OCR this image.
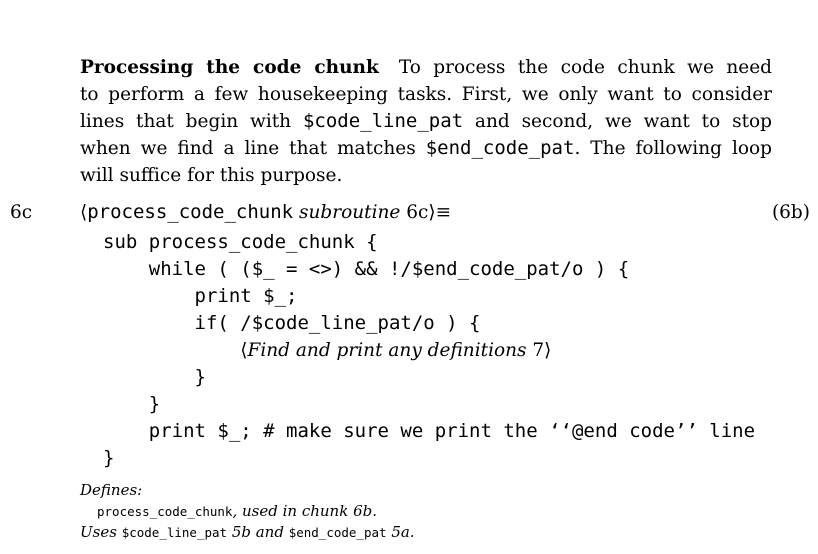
Processing the code chunk To process the code chunk we need
to perform a few housekeeping tasks. First, we only want to consider
lines that begin with $code_line_pat and second, we want to stop
when we find a line that matches $end_code_pat. The following loop
will suffice for this purpose.
6c	⟨process_code_chunk subroutine 6c⟩≡	(6b)
sub process_code_chunk {
while ( ($_ = <>) && !/$end_code_pat/o ) {
print $_;
if( /$code_line_pat/o ) {
⟨Find and print any definitions 7⟩
}
}
print $_; # make sure we print the ‘‘@end code’’ line
}
Defines:
process_code_chunk, used in chunk 6b.
Uses $code_line_pat 5b and $end_code_pat 5a.
